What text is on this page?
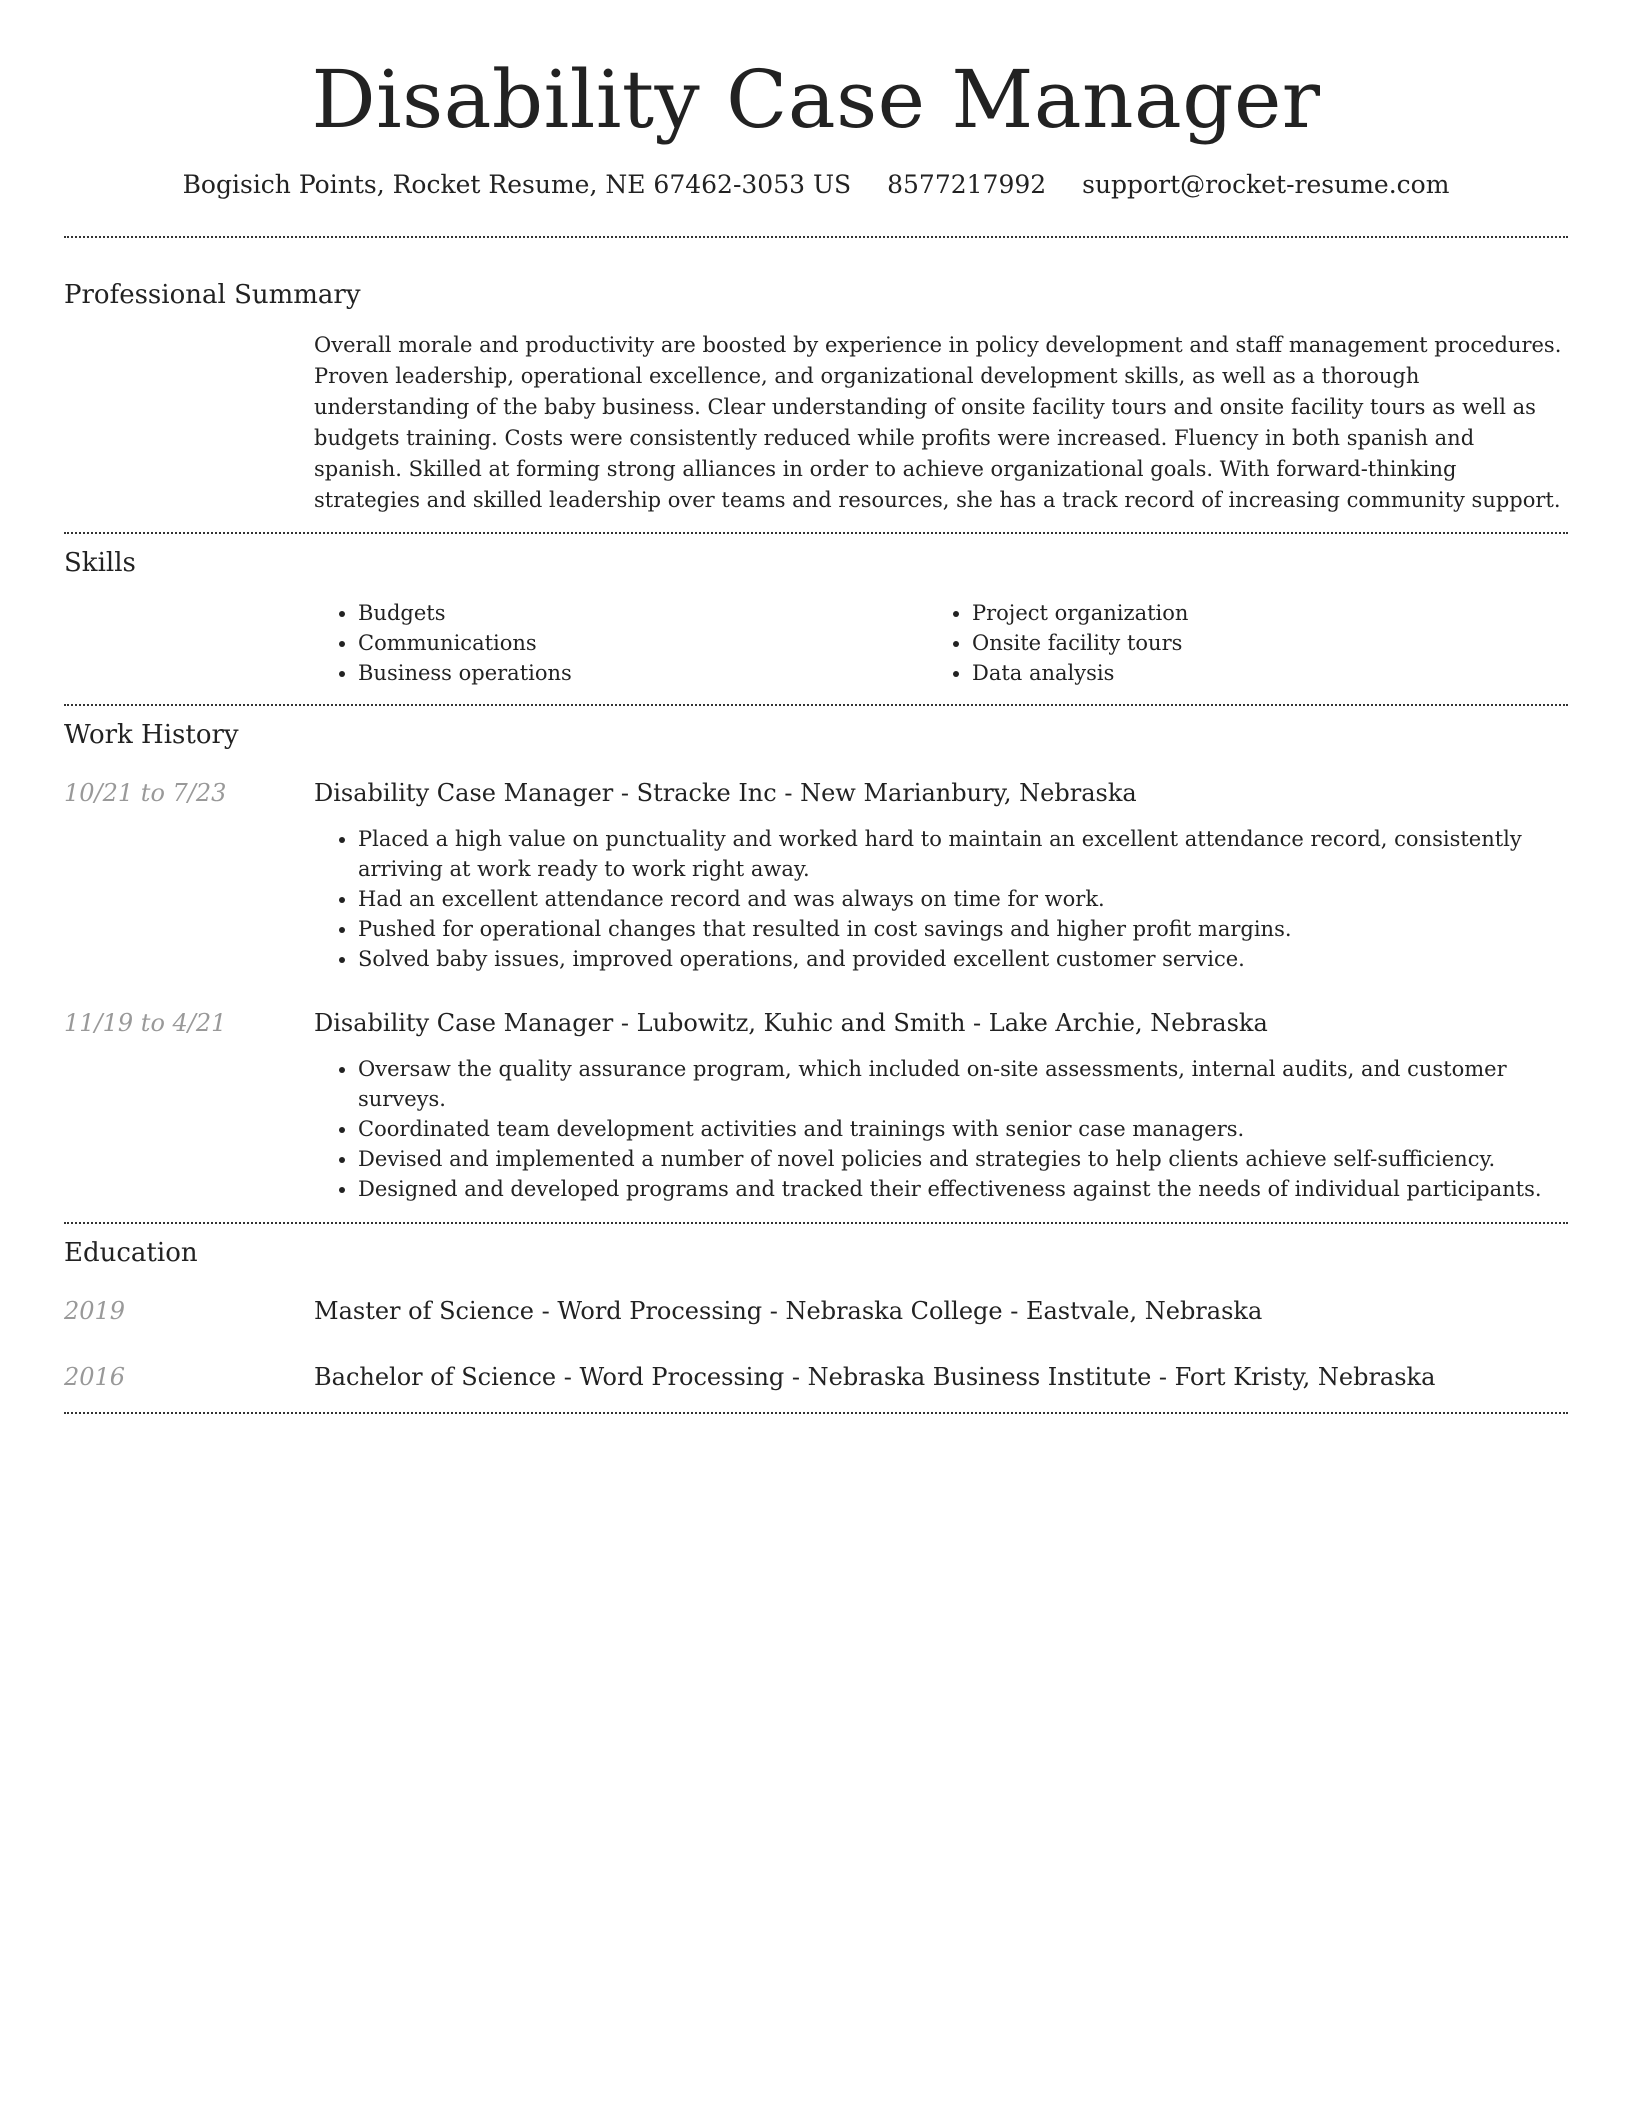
Disability Case Manager
Bogisich Points, Rocket Resume, NE 67462-3053 US 8577217992 support@rocket-resume.com
Professional Summary
Overall morale and productivity are boosted by experience in policy development and staff management procedures. Proven leadership, operational excellence, and organizational development skills, as well as a thorough understanding of the baby business. Clear understanding of onsite facility tours and onsite facility tours as well as budgets training. Costs were consistently reduced while profits were increased. Fluency in both spanish and spanish. Skilled at forming strong alliances in order to achieve organizational goals. With forward-thinking strategies and skilled leadership over teams and resources, she has a track record of increasing community support.
Skills
• Budgets
• Communications
• Business operations
• Project organization
• Onsite facility tours
• Data analysis
Work History
10/21 to 7/23	Disability Case Manager - Stracke Inc - New Marianbury, Nebraska
• Placed a high value on punctuality and worked hard to maintain an excellent attendance record, consistently arriving at work ready to work right away.
• Had an excellent attendance record and was always on time for work.
• Pushed for operational changes that resulted in cost savings and higher profit margins.
• Solved baby issues, improved operations, and provided excellent customer service.
11/19 to 4/21	Disability Case Manager - Lubowitz, Kuhic and Smith - Lake Archie, Nebraska
• Oversaw the quality assurance program, which included on-site assessments, internal audits, and customer surveys.
• Coordinated team development activities and trainings with senior case managers.
• Devised and implemented a number of novel policies and strategies to help clients achieve self-sufficiency.
• Designed and developed programs and tracked their effectiveness against the needs of individual participants.
Education
2019	Master of Science - Word Processing - Nebraska College - Eastvale, Nebraska
2016	Bachelor of Science - Word Processing - Nebraska Business Institute - Fort Kristy, Nebraska
